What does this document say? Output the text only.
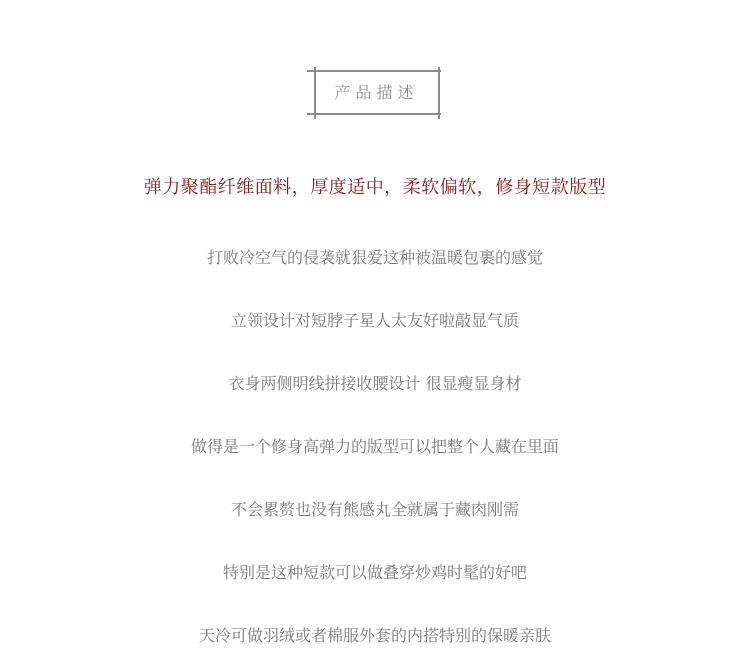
产品描述
弹力聚酯纤维面料，厚度适中，柔软偏软，修身短款版型
打败冷空气的侵袭就狠爱这种被温暖包裹的感觉
立领设计对短脖子星人太友好啦敲显气质
衣身两侧明线拼接收腰设计 很显瘦显身材
做得是一个修身高弹力的版型可以把整个人藏在里面
不会累赘也没有熊感丸全就属于藏肉刚需
特别是这种短款可以做叠穿炒鸡时髦的好吧
天冷可做羽绒或者棉服外套的内搭特别的保暖亲肤
